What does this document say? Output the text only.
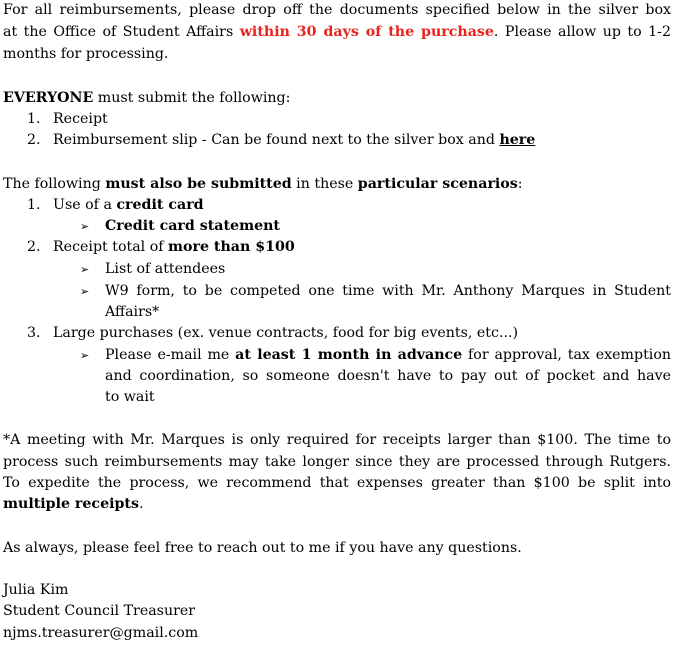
For all reimbursements, please drop off the documents specified below in the silver box
at the Office of Student Affairs within 30 days of the purchase. Please allow up to 1-2
months for processing.
EVERYONE must submit the following:
1. Receipt
2. Reimbursement slip - Can be found next to the silver box and here
The following must also be submitted in these particular scenarios:
1. Use of a credit card
➢ Credit card statement
2. Receipt total of more than $100
➢ List of attendees
➢ W9 form, to be competed one time with Mr. Anthony Marques in Student
Affairs*
3. Large purchases (ex. venue contracts, food for big events, etc...)
➢ Please e-mail me at least 1 month in advance for approval, tax exemption
and coordination, so someone doesn't have to pay out of pocket and have
to wait
*A meeting with Mr. Marques is only required for receipts larger than $100. The time to
process such reimbursements may take longer since they are processed through Rutgers.
To expedite the process, we recommend that expenses greater than $100 be split into
multiple receipts.
As always, please feel free to reach out to me if you have any questions.
Julia Kim
Student Council Treasurer
njms.treasurer@gmail.com
